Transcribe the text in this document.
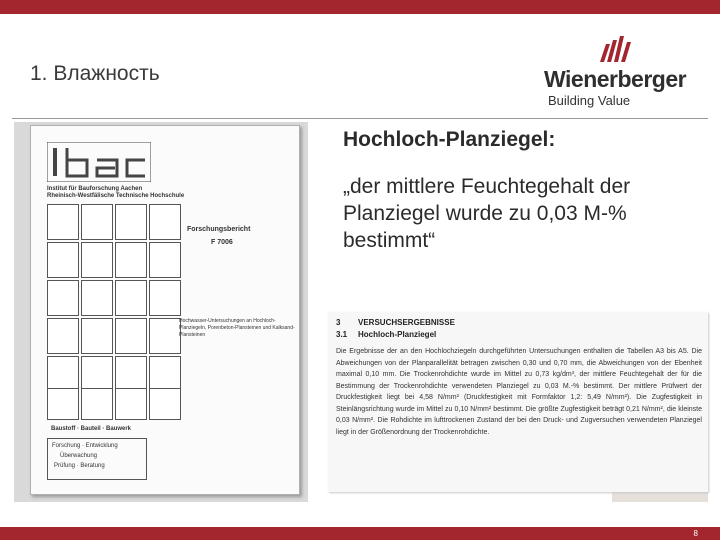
1. Влажность	Wienerberger
Building Value
Institut für Bauforschung Aachen
Rheinisch-Westfälische Technische Hochschule
Forschungsbericht
F 7006
Hochwasser-Untersuchungen an Hochloch-Planziegeln, Porenbeton-Plansteinen und Kalksand-Plansteinen
Baustoff · Bauteil · Bauwerk
Forschung · Entwicklung
Überwachung
Prüfung · Beratung
Hochloch-Planziegel:
„der mittlere Feuchtegehalt der Planziegel wurde zu 0,03 M-% bestimmt“
3 VERSUCHSERGEBNISSE
3.1 Hochloch-Planziegel
Die Ergebnisse der an den Hochlochziegeln durchgeführten Untersuchungen enthalten die Tabellen A3 bis A5. Die Abweichungen von der Planparallelität betragen zwischen 0,30 und 0,70 mm, die Abweichungen von der Ebenheit maximal 0,10 mm. Die Trockenrohdichte wurde im Mittel zu 0,73 kg/dm³, der mittlere Feuchtegehalt der für die Bestimmung der Trockenrohdichte verwendeten Planziegel zu 0,03 M.-% bestimmt. Der mittlere Prüfwert der Druckfestigkeit liegt bei 4,58 N/mm² (Druckfestigkeit mit Formfaktor 1,2: 5,49 N/mm²). Die Zugfestigkeit in Steinlängsrichtung wurde im Mittel zu 0,10 N/mm² bestimmt. Die größte Zugfestigkeit beträgt 0,21 N/mm², die kleinste 0,03 N/mm². Die Rohdichte im lufttrockenen Zustand der bei den Druck- und Zugversuchen verwendeten Planziegel liegt in der Größenordnung der Trockenrohdichte.
8
